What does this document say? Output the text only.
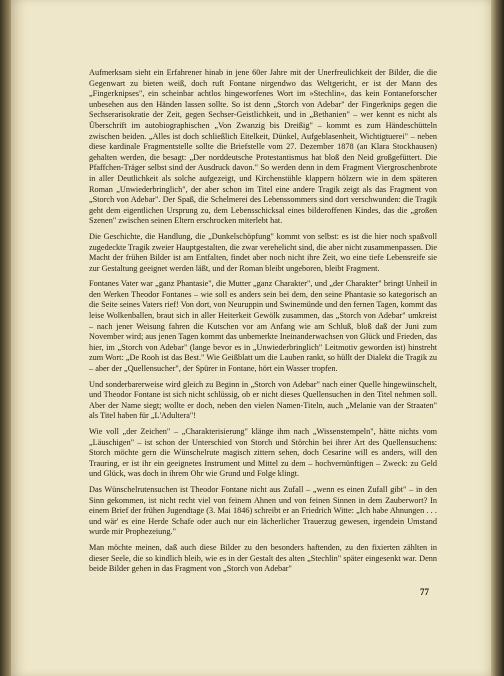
Aufmerksam sieht ein Erfahrener hinab in jene 60er Jahre mit der Unerfreulichkeit der Bilder, die die Gegenwart zu bieten weiß, doch ruft Fontane nirgendwo das Weltgericht, er ist der Mann des „Fingerknipses", ein scheinbar achtlos hingeworfenes Wort im »Stechlin«, das kein Fontaneforscher unbesehen aus den Händen lassen sollte. So ist denn „Storch von Adebar" der Fingerknips gegen die Sechserarisokratie der Zeit, gegen Sechser-Geistlichkeit, und in „Bethanien" – wer kennt es nicht als Überschrift im autobiographischen „Von Zwanzig bis Dreißig" – kommt es zum Händeschütteln zwischen beiden. „Alles ist doch schließlich Eitelkeit, Dünkel, Aufgeblasenheit, Wichtigtuerei" – neben diese kardinale Fragmentstelle sollte die Briefstelle vom 27. Dezember 1878 (an Klara Stockhausen) gehalten werden, die besagt: „Der norddeutsche Protestantismus hat bloß den Neid großgefüttert. Die Pfaffchen-Träger selbst sind der Ausdruck davon." So werden denn in dem Fragment Viergroschenbrote in aller Deutlichkeit als solche aufgezeigt, und Kirchenstühle klappern hölzern wie in dem späteren Roman „Unwiederbringlich", der aber schon im Titel eine andere Tragik zeigt als das Fragment von „Storch von Adebar". Der Spaß, die Schelmerei des Lebenssommers sind dort verschwunden: die Tragik geht dem eigentlichen Ursprung zu, dem Lebensschicksal eines bilderoffenen Kindes, das die „großen Szenen" zwischen seinen Eltern erschrocken miterlebt hat.

Die Geschichte, die Handlung, die „Dunkelschöpfung" kommt von selbst: es ist die hier noch spaßvoll zugedeckte Tragik zweier Hauptgestalten, die zwar verehelicht sind, die aber nicht zusammenpassen. Die Macht der frühen Bilder ist am Entfalten, findet aber noch nicht ihre Zeit, wo eine tiefe Lebensreife sie zur Gestaltung geeignet werden läßt, und der Roman bleibt ungeboren, bleibt Fragment.

Fontanes Vater war „ganz Phantasie", die Mutter „ganz Charakter", und „der Charakter" bringt Unheil in den Werken Theodor Fontanes – wie soll es anders sein bei dem, den seine Phantasie so kategorisch an die Seite seines Vaters rief! Von dort, von Neuruppin und Swinemünde und den fernen Tagen, kommt das leise Wolkenballen, braut sich in aller Heiterkeit Gewölk zusammen, das „Storch von Adebar" umkreist – nach jener Weisung fahren die Kutschen vor am Anfang wie am Schluß, bloß daß der Juni zum November wird; aus jenen Tagen kommt das unbemerkte Ineinanderwachsen von Glück und Frieden, das hier, im „Storch von Adebar" (lange bevor es in „Unwiederbringlich" Leitmotiv geworden ist) hinstreht zum Wort: „De Rooh ist das Best." Wie Geißblatt um die Lauben rankt, so hüllt der Dialekt die Tragik zu – aber der „Quellensucher", der Spürer in Fontane, hört ein Wasser tropfen.

Und sonderbarerweise wird gleich zu Beginn in „Storch von Adebar" nach einer Quelle hingewünschelt, und Theodor Fontane ist sich nicht schlüssig, ob er nicht dieses Quellensuchen in den Titel nehmen soll. Aber der Name siegt; wollte er doch, neben den vielen Namen-Titeln, auch „Melanie van der Straaten" als Titel haben für „L'Adultera"!

Wie voll „der Zeichen" – „Charakterisierung" klänge ihm nach „Wissenstempeln", hätte nichts vom „Läuschigen" – ist schon der Unterschied von Storch und Störchin bei ihrer Art des Quellensuchens: Storch möchte gern die Wünschelrute magisch zittern sehen, doch Cesarine will es anders, will den Trauring, er ist ihr ein geeignetes Instrument und Mittel zu dem – hochvernünftigen – Zweck: zu Geld und Glück, was doch in ihrem Ohr wie Grund und Folge klingt.

Das Wünschelrutensuchen ist Theodor Fontane nicht aus Zufall – „wenn es einen Zufall gibt" – in den Sinn gekommen, ist nicht recht viel von feinem Ahnen und von feinen Sinnen in dem Zauberwort? In einem Brief der frühen Jugendtage (3. Mai 1846) schreibt er an Friedrich Witte: „Ich habe Ahnungen . . . und wär' es eine Herde Schafe oder auch nur ein lächerlicher Trauerzug gewesen, irgendein Umstand wurde mir Prophezeiung."

Man möchte meinen, daß auch diese Bilder zu den besonders haftenden, zu den fixierten zählten in dieser Seele, die so kindlich bleib, wie es in der Gestalt des alten „Stechlin" später eingesenkt war. Denn beide Bilder gehen in das Fragment von „Storch von Adebar"

77
